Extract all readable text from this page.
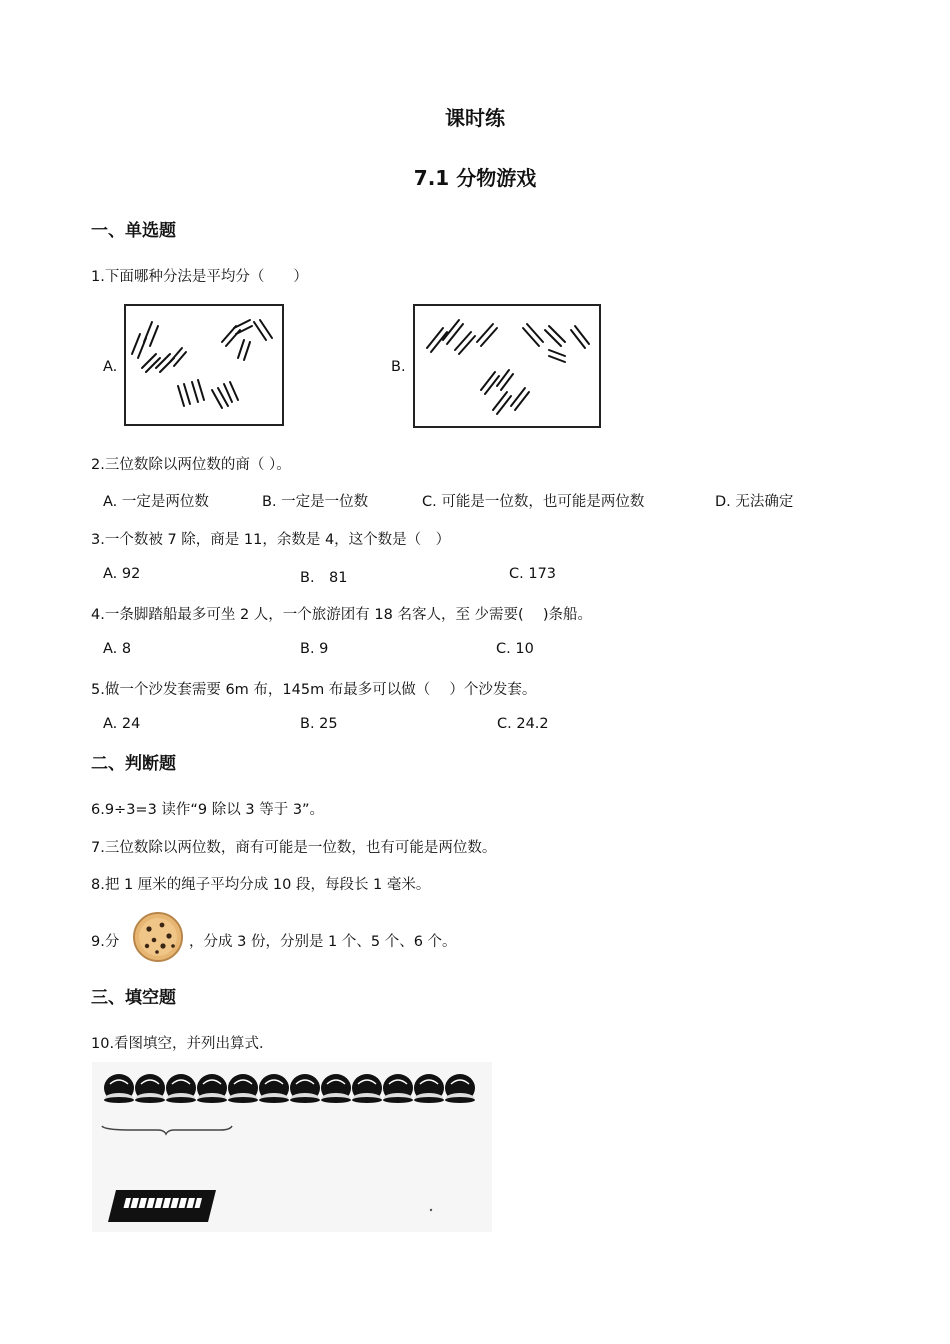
课时练
7.1 分物游戏
一、单选题
1.下面哪种分法是平均分（　　）
A.	B.
2.三位数除以两位数的商（ ）。
A. 一定是两位数	B. 一定是一位数	C. 可能是一位数，也可能是两位数	D. 无法确定
3.一个数被 7 除，商是 11，余数是 4，这个数是（　）
A. 92	B.　81	C. 173
4.一条脚踏船最多可坐 2 人，一个旅游团有 18 名客人，至 少需要(　 )条船。
A. 8	B. 9	C. 10
5.做一个沙发套需要 6m 布，145m 布最多可以做（　 ）个沙发套。
A. 24	B. 25	C. 24.2
二、判断题
6.9÷3=3 读作“9 除以 3 等于 3”。
7.三位数除以两位数，商有可能是一位数，也有可能是两位数。
8.把 1 厘米的绳子平均分成 10 段，每段长 1 毫米。
9.分	，分成 3 份，分别是 1 个、5 个、6 个。
三、填空题
10.看图填空，并列出算式．
